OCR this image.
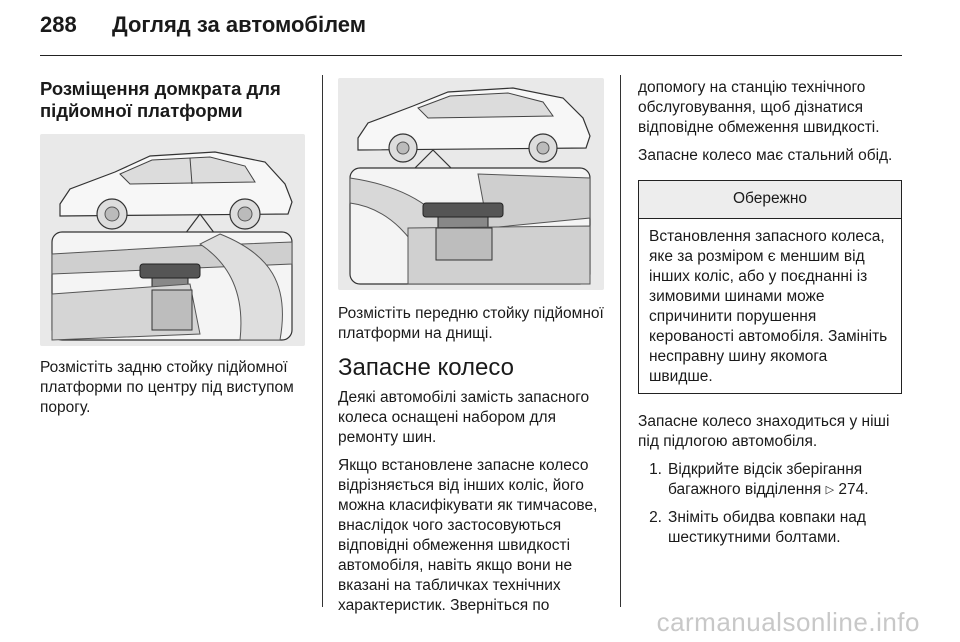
288	Догляд за автомобілем
Розміщення домкрата для підйомної платформи

Розмістіть задню стойку підйомної платформи по центру під виступом порогу.

Розмістіть передню стойку підйомної платформи на днищі.

Запасне колесо

Деякі автомобілі замість запасного колеса оснащені набором для ремонту шин.

Якщо встановлене запасне колесо відрізняється від інших коліс, його можна класифікувати як тимчасове, внаслідок чого застосовуються відповідні обмеження швидкості автомобіля, навіть якщо вони не вказані на табличках технічних характеристик. Зверніться по

допомогу на станцію технічного обслуговування, щоб дізнатися відповідне обмеження швидкості.

Запасне колесо має стальний обід.

Обережно
Встановлення запасного колеса, яке за розміром є меншим від інших коліс, або у поєднанні із зимовими шинами може спричинити порушення керованості автомобіля. Замініть несправну шину якомога швидше.

Запасне колесо знаходиться у ніші під підлогою автомобіля.

1. Відкрийте відсік зберігання багажного відділення ▷ 274.
2. Зніміть обидва ковпаки над шестикутними болтами.
carmanualsonline.info
